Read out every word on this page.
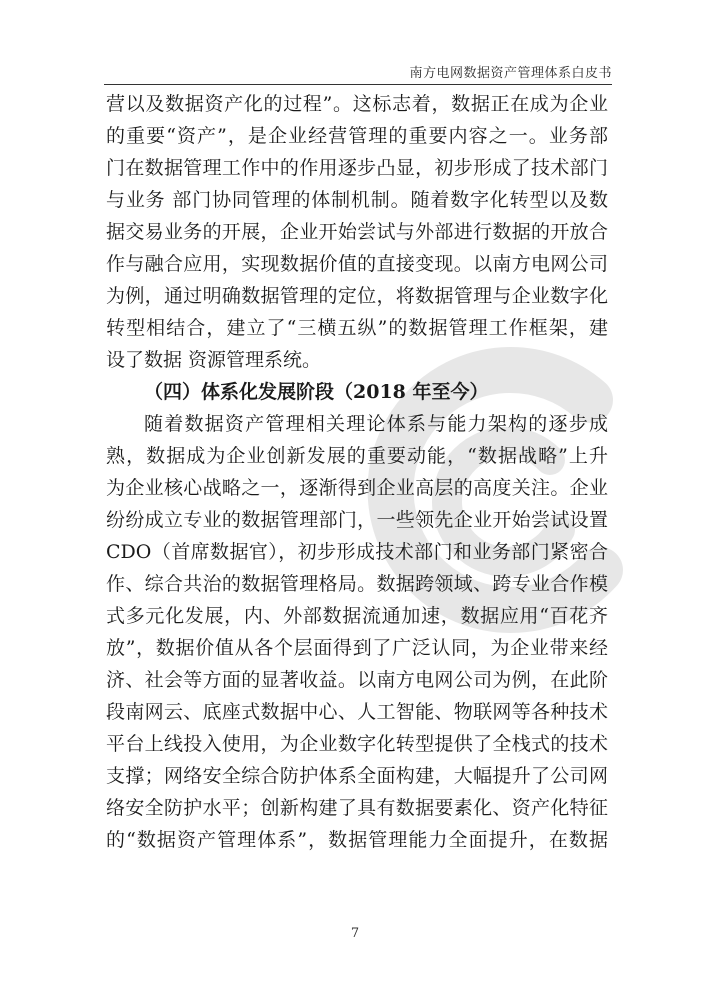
南方电网数据资产管理体系白皮书
营以及数据资产化的过程”。这标志着，数据正在成为企业
的重要“资产”，是企业经营管理的重要内容之一。业务部
门在数据管理工作中的作用逐步凸显，初步形成了技术部门
与业务 部门协同管理的体制机制。随着数字化转型以及数
据交易业务的开展，企业开始尝试与外部进行数据的开放合
作与融合应用，实现数据价值的直接变现。以南方电网公司
为例，通过明确数据管理的定位，将数据管理与企业数字化
转型相结合，建立了“三横五纵”的数据管理工作框架，建
设了数据 资源管理系统。
（四）体系化发展阶段（2018 年至今）
随着数据资产管理相关理论体系与能力架构的逐步成
熟，数据成为企业创新发展的重要动能，“数据战略”上升
为企业核心战略之一，逐渐得到企业高层的高度关注。企业
纷纷成立专业的数据管理部门，一些领先企业开始尝试设置
CDO（首席数据官），初步形成技术部门和业务部门紧密合
作、综合共治的数据管理格局。数据跨领域、跨专业合作模
式多元化发展，内、外部数据流通加速，数据应用“百花齐
放”，数据价值从各个层面得到了广泛认同，为企业带来经
济、社会等方面的显著收益。以南方电网公司为例，在此阶
段南网云、底座式数据中心、人工智能、物联网等各种技术
平台上线投入使用，为企业数字化转型提供了全栈式的技术
支撑；网络安全综合防护体系全面构建，大幅提升了公司网
络安全防护水平；创新构建了具有数据要素化、资产化特征
的“数据资产管理体系”，数据管理能力全面提升，在数据
7
